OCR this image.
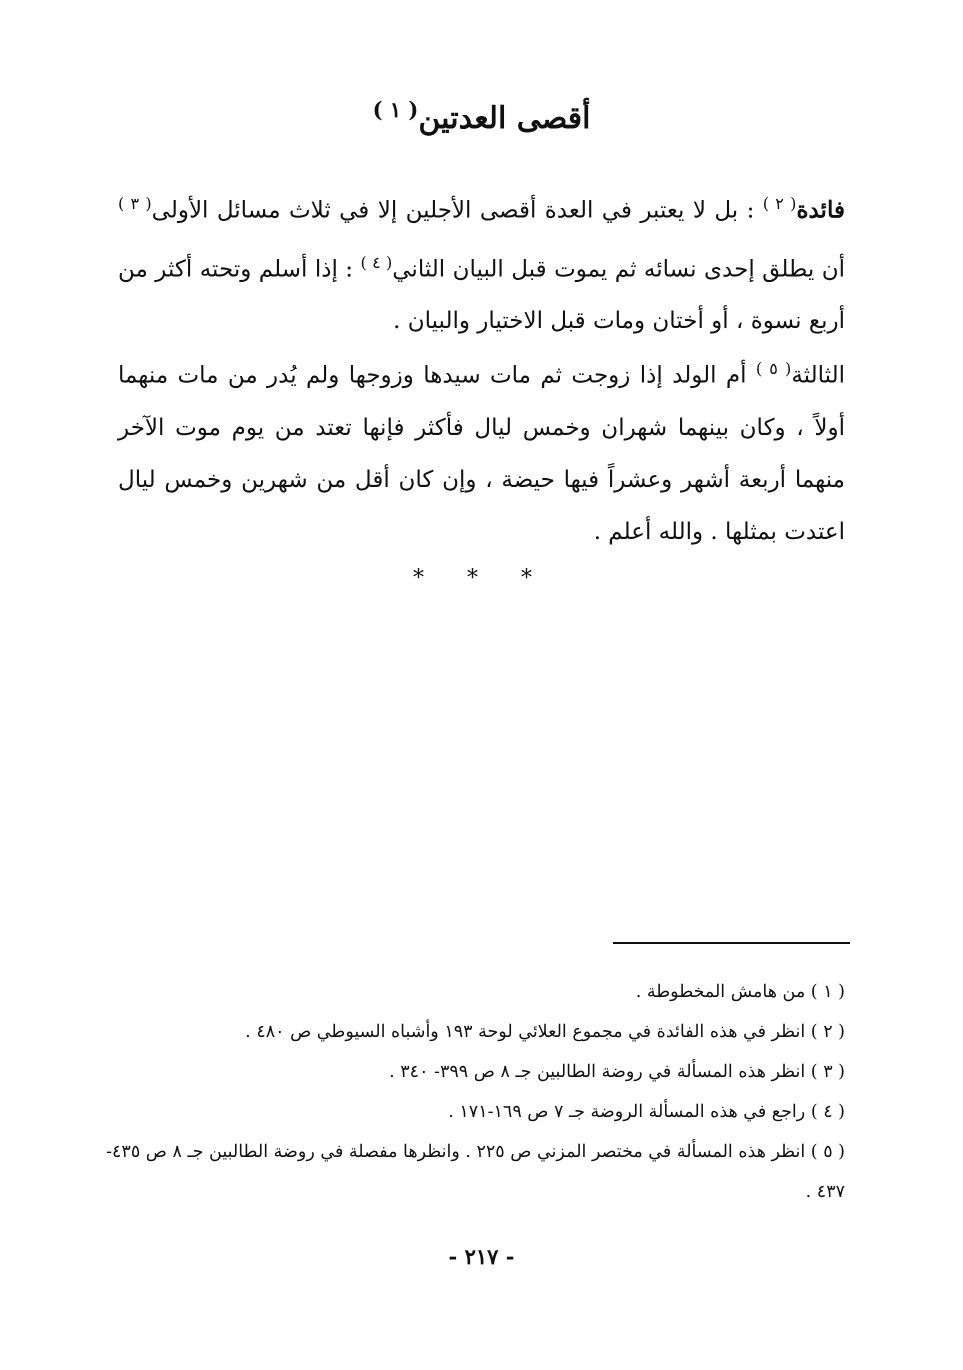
أقصى العدتين$^{( ١ )}$

فائدة$^{( ٢ )}$ : بل لا يعتبر في العدة أقصى الأجلين إلا في ثلاث مسائل الأولى$^{( ٣ )}$ أن يطلق إحدى نسائه ثم يموت قبل البيان الثاني$^{( ٤ )}$ : إذا أسلم وتحته أكثر من أربع نسوة ، أو أختان ومات قبل الاختيار والبيان .

الثالثة$^{( ٥ )}$ أم الولد إذا زوجت ثم مات سيدها وزوجها ولم يُدر من مات منهما أولاً ، وكان بينهما شهران وخمس ليال فأكثر فإنها تعتد من يوم موت الآخر منهما أربعة أشهر وعشراً فيها حيضة ، وإن كان أقل من شهرين وخمس ليال اعتدت بمثلها . والله أعلم .

* * *

( ١ ) من هامش المخطوطة .

( ٢ ) انظر في هذه الفائدة في مجموع العلائي لوحة ١٩٣ وأشباه السيوطي ص ٤٨٠ .

( ٣ ) انظر هذه المسألة في روضة الطالبين جـ ٨ ص ٣٩٩- ٣٤٠ .

( ٤ ) راجع في هذه المسألة الروضة جـ ٧ ص ١٦٩-١٧١ .

( ٥ ) انظر هذه المسألة في مختصر المزني ص ٢٢٥ . وانظرها مفصلة في روضة الطالبين جـ ٨ ص ٤٣٥- ٤٣٧ .

- ٢١٧ -
